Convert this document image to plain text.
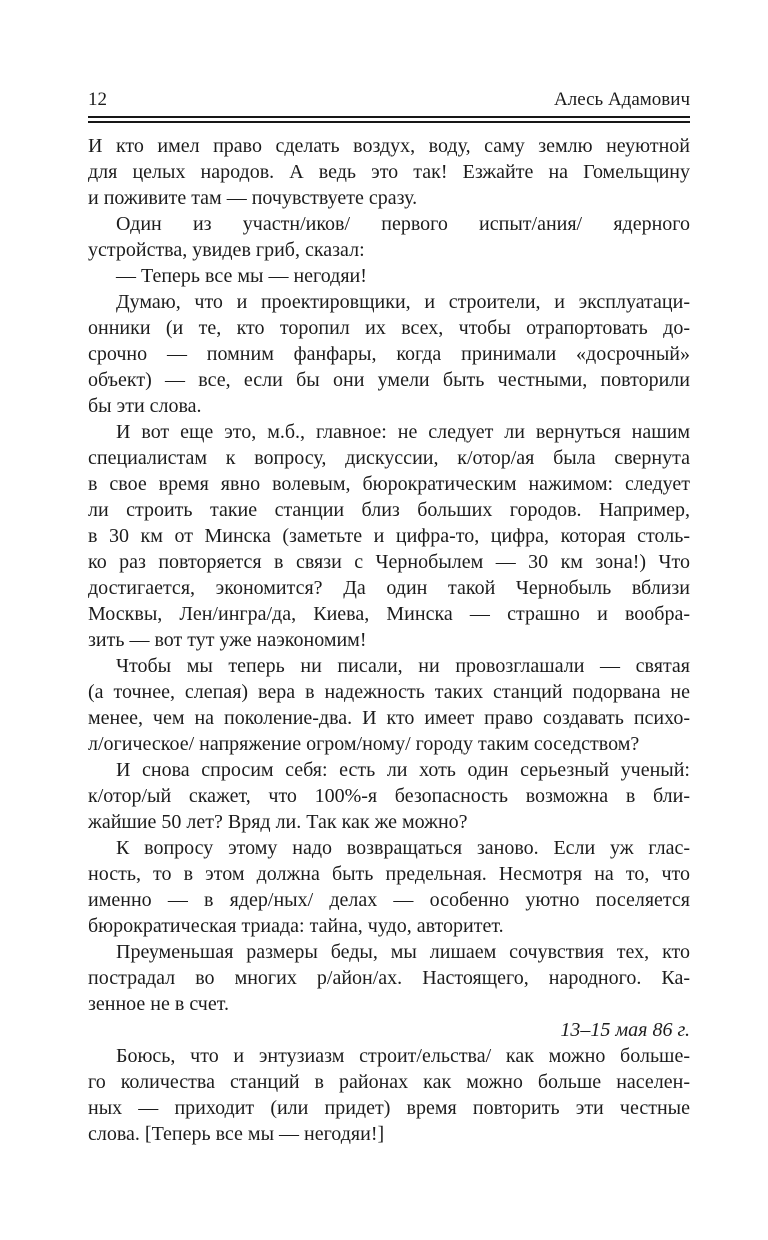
12	Алесь Адамович
И кто имел право сделать воздух, воду, саму землю неуютной
для целых народов. А ведь это так! Езжайте на Гомельщину
и поживите там — почувствуете сразу.
Один из участн/иков/ первого испыт/ания/ ядерного
устройства, увидев гриб, сказал:
— Теперь все мы — негодяи!
Думаю, что и проектировщики, и строители, и эксплуатаци-
онники (и те, кто торопил их всех, чтобы отрапортовать до-
срочно — помним фанфары, когда принимали «досрочный»
объект) — все, если бы они умели быть честными, повторили
бы эти слова.
И вот еще это, м.б., главное: не следует ли вернуться нашим
специалистам к вопросу, дискуссии, к/отор/ая была свернута
в свое время явно волевым, бюрократическим нажимом: следует
ли строить такие станции близ больших городов. Например,
в 30 км от Минска (заметьте и цифра-то, цифра, которая столь-
ко раз повторяется в связи с Чернобылем — 30 км зона!) Что
достигается, экономится? Да один такой Чернобыль вблизи
Москвы, Лен/ингра/да, Киева, Минска — страшно и вообра-
зить — вот тут уже наэкономим!
Чтобы мы теперь ни писали, ни провозглашали — святая
(а точнее, слепая) вера в надежность таких станций подорвана не
менее, чем на поколение-два. И кто имеет право создавать психо-
л/огическое/ напряжение огром/ному/ городу таким соседством?
И снова спросим себя: есть ли хоть один серьезный ученый:
к/отор/ый скажет, что 100%-я безопасность возможна в бли-
жайшие 50 лет? Вряд ли. Так как же можно?
К вопросу этому надо возвращаться заново. Если уж глас-
ность, то в этом должна быть предельная. Несмотря на то, что
именно — в ядер/ных/ делах — особенно уютно поселяется
бюрократическая триада: тайна, чудо, авторитет.
Преуменьшая размеры беды, мы лишаем сочувствия тех, кто
пострадал во многих р/айон/ах. Настоящего, народного. Ка-
зенное не в счет.
13–15 мая 86 г.
Боюсь, что и энтузиазм строит/ельства/ как можно больше-
го количества станций в районах как можно больше населен-
ных — приходит (или придет) время повторить эти честные
слова. [Теперь все мы — негодяи!]
